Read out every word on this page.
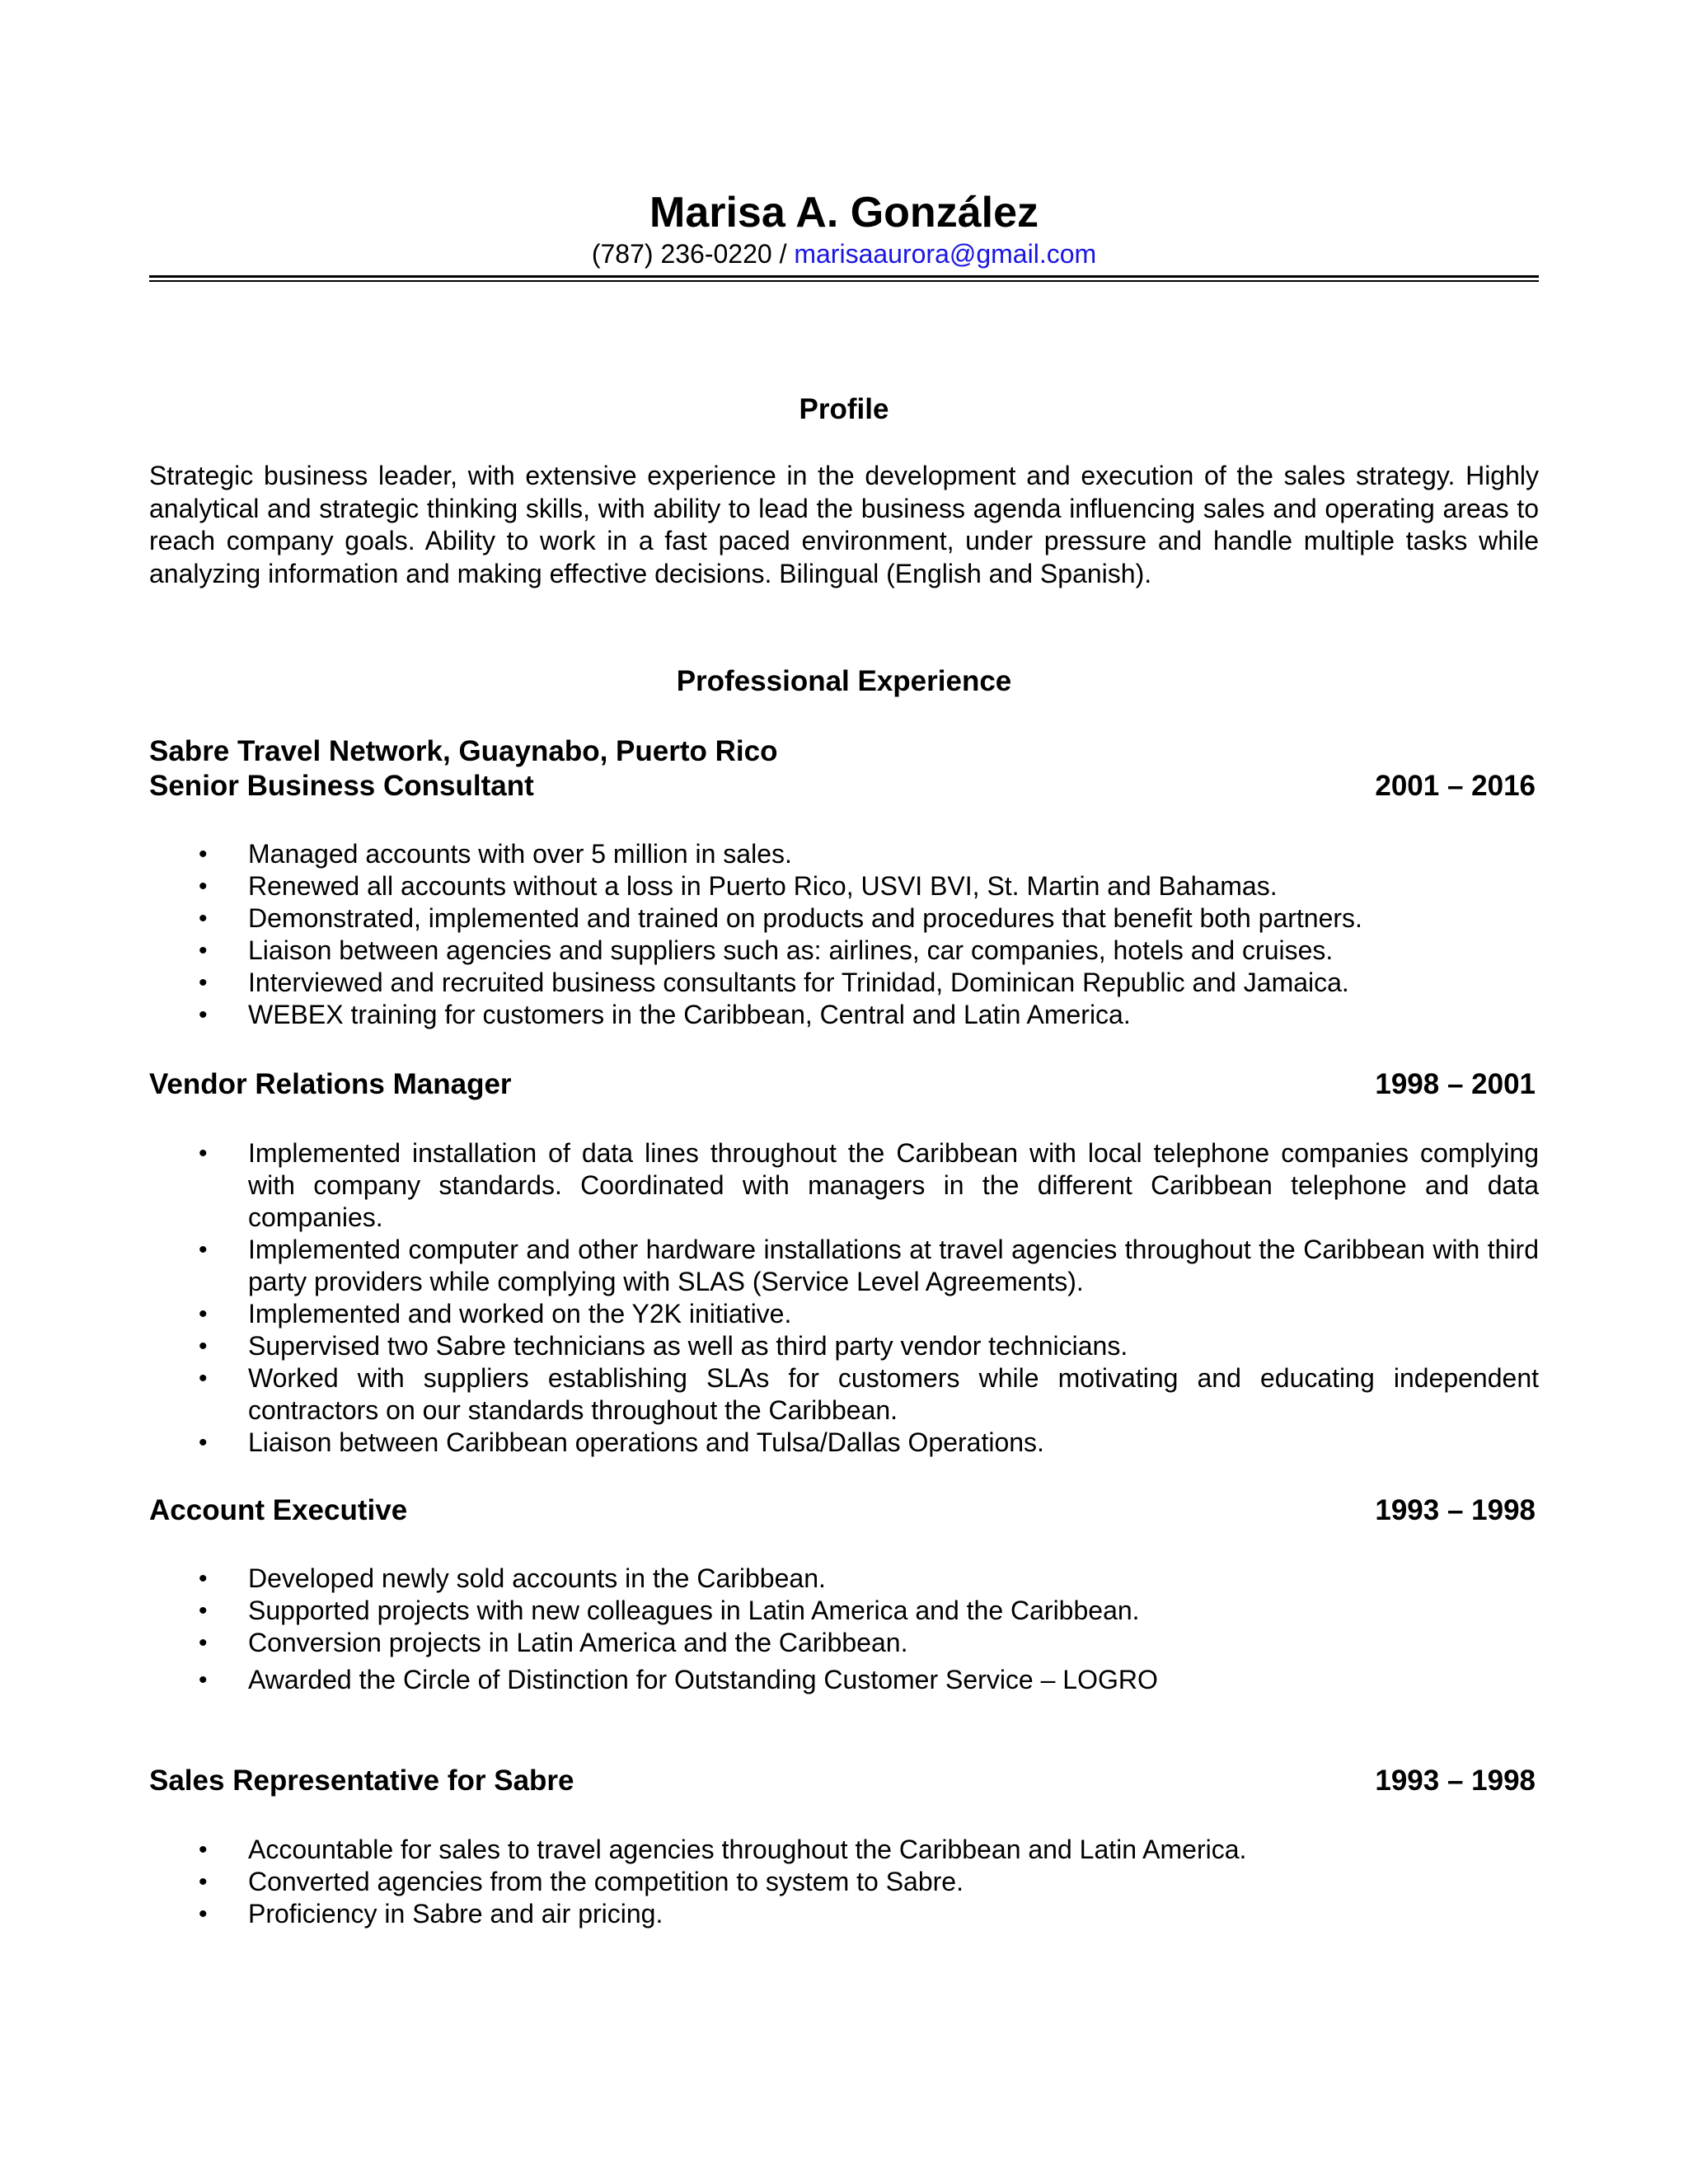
Marisa A. González
(787) 236-0220 / marisaaurora@gmail.com
Profile
Strategic business leader, with extensive experience in the development and execution of the sales strategy. Highly analytical and strategic thinking skills, with ability to lead the business agenda influencing sales and operating areas to reach company goals. Ability to work in a fast paced environment, under pressure and handle multiple tasks while analyzing information and making effective decisions. Bilingual (English and Spanish).
Professional Experience
Sabre Travel Network, Guaynabo, Puerto Rico
Senior Business Consultant	2001 – 2016
• Managed accounts with over 5 million in sales.
• Renewed all accounts without a loss in Puerto Rico, USVI BVI, St. Martin and Bahamas.
• Demonstrated, implemented and trained on products and procedures that benefit both partners.
• Liaison between agencies and suppliers such as: airlines, car companies, hotels and cruises.
• Interviewed and recruited business consultants for Trinidad, Dominican Republic and Jamaica.
• WEBEX training for customers in the Caribbean, Central and Latin America.
Vendor Relations Manager	1998 – 2001
• Implemented installation of data lines throughout the Caribbean with local telephone companies complying with company standards. Coordinated with managers in the different Caribbean telephone and data companies.
• Implemented computer and other hardware installations at travel agencies throughout the Caribbean with third party providers while complying with SLAS (Service Level Agreements).
• Implemented and worked on the Y2K initiative.
• Supervised two Sabre technicians as well as third party vendor technicians.
• Worked with suppliers establishing SLAs for customers while motivating and educating independent contractors on our standards throughout the Caribbean.
• Liaison between Caribbean operations and Tulsa/Dallas Operations.
Account Executive	1993 – 1998
• Developed newly sold accounts in the Caribbean.
• Supported projects with new colleagues in Latin America and the Caribbean.
• Conversion projects in Latin America and the Caribbean.
• Awarded the Circle of Distinction for Outstanding Customer Service – LOGRO
Sales Representative for Sabre	1993 – 1998
• Accountable for sales to travel agencies throughout the Caribbean and Latin America.
• Converted agencies from the competition to system to Sabre.
• Proficiency in Sabre and air pricing.
